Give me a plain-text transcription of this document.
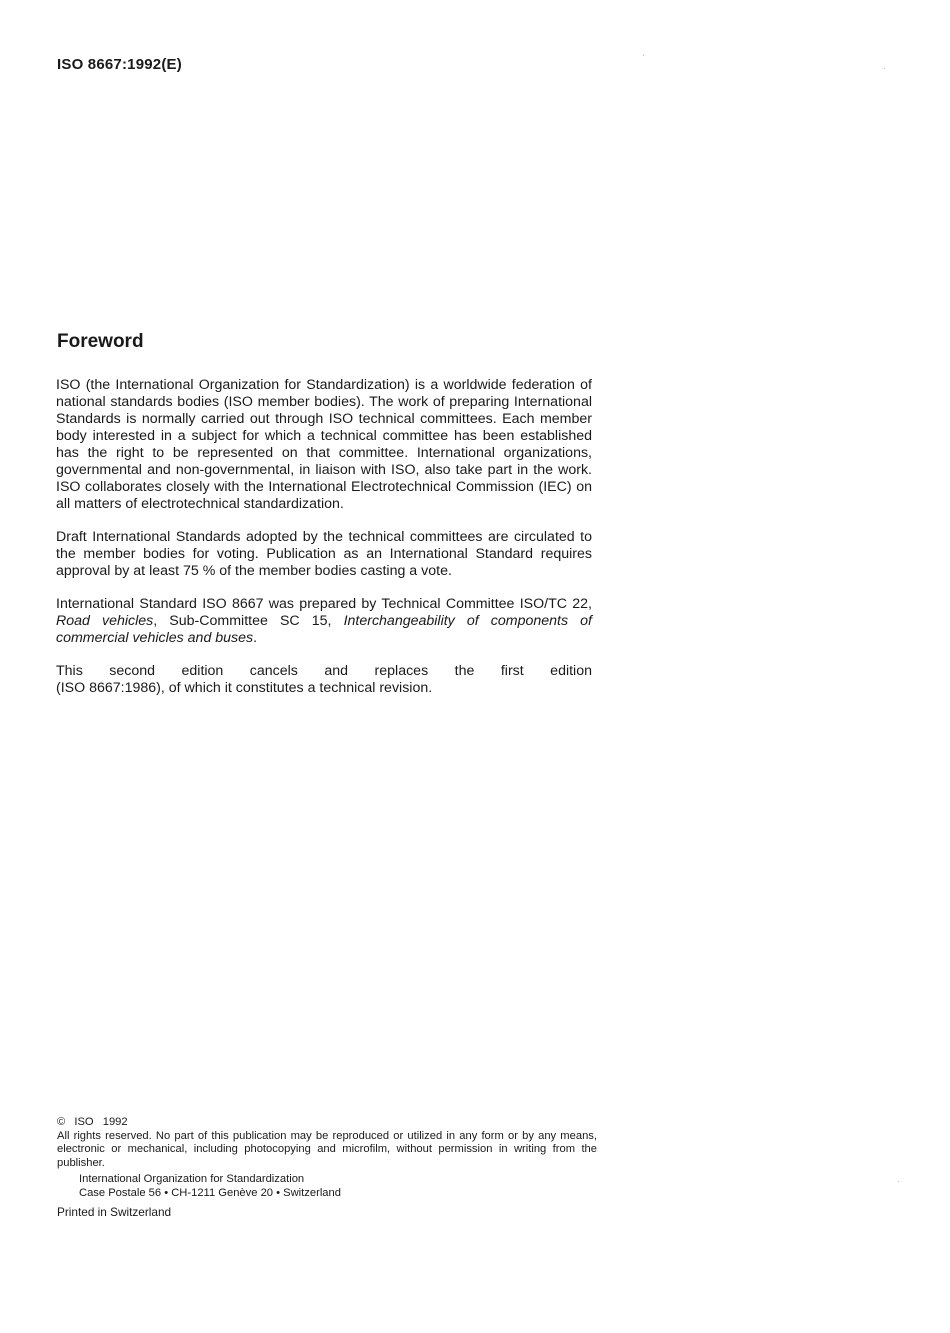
ISO 8667:1992(E)
Foreword

ISO (the International Organization for Standardization) is a worldwide federation of national standards bodies (ISO member bodies). The work of preparing International Standards is normally carried out through ISO technical committees. Each member body interested in a subject for which a technical committee has been established has the right to be represented on that committee. International organizations, governmental and non-governmental, in liaison with ISO, also take part in the work. ISO collaborates closely with the International Electrotechnical Commission (IEC) on all matters of electrotechnical standardization.

Draft International Standards adopted by the technical committees are circulated to the member bodies for voting. Publication as an International Standard requires approval by at least 75 % of the member bodies casting a vote.

International Standard ISO 8667 was prepared by Technical Committee ISO/TC 22, Road vehicles, Sub-Committee SC 15, Interchangeability of components of commercial vehicles and buses.

This second edition cancels and replaces the first edition
(ISO 8667:1986), of which it constitutes a technical revision.
© ISO 1992
All rights reserved. No part of this publication may be reproduced or utilized in any form or by any means, electronic or mechanical, including photocopying and microfilm, without permission in writing from the publisher.
International Organization for Standardization
Case Postale 56 • CH-1211 Genève 20 • Switzerland
Printed in Switzerland
